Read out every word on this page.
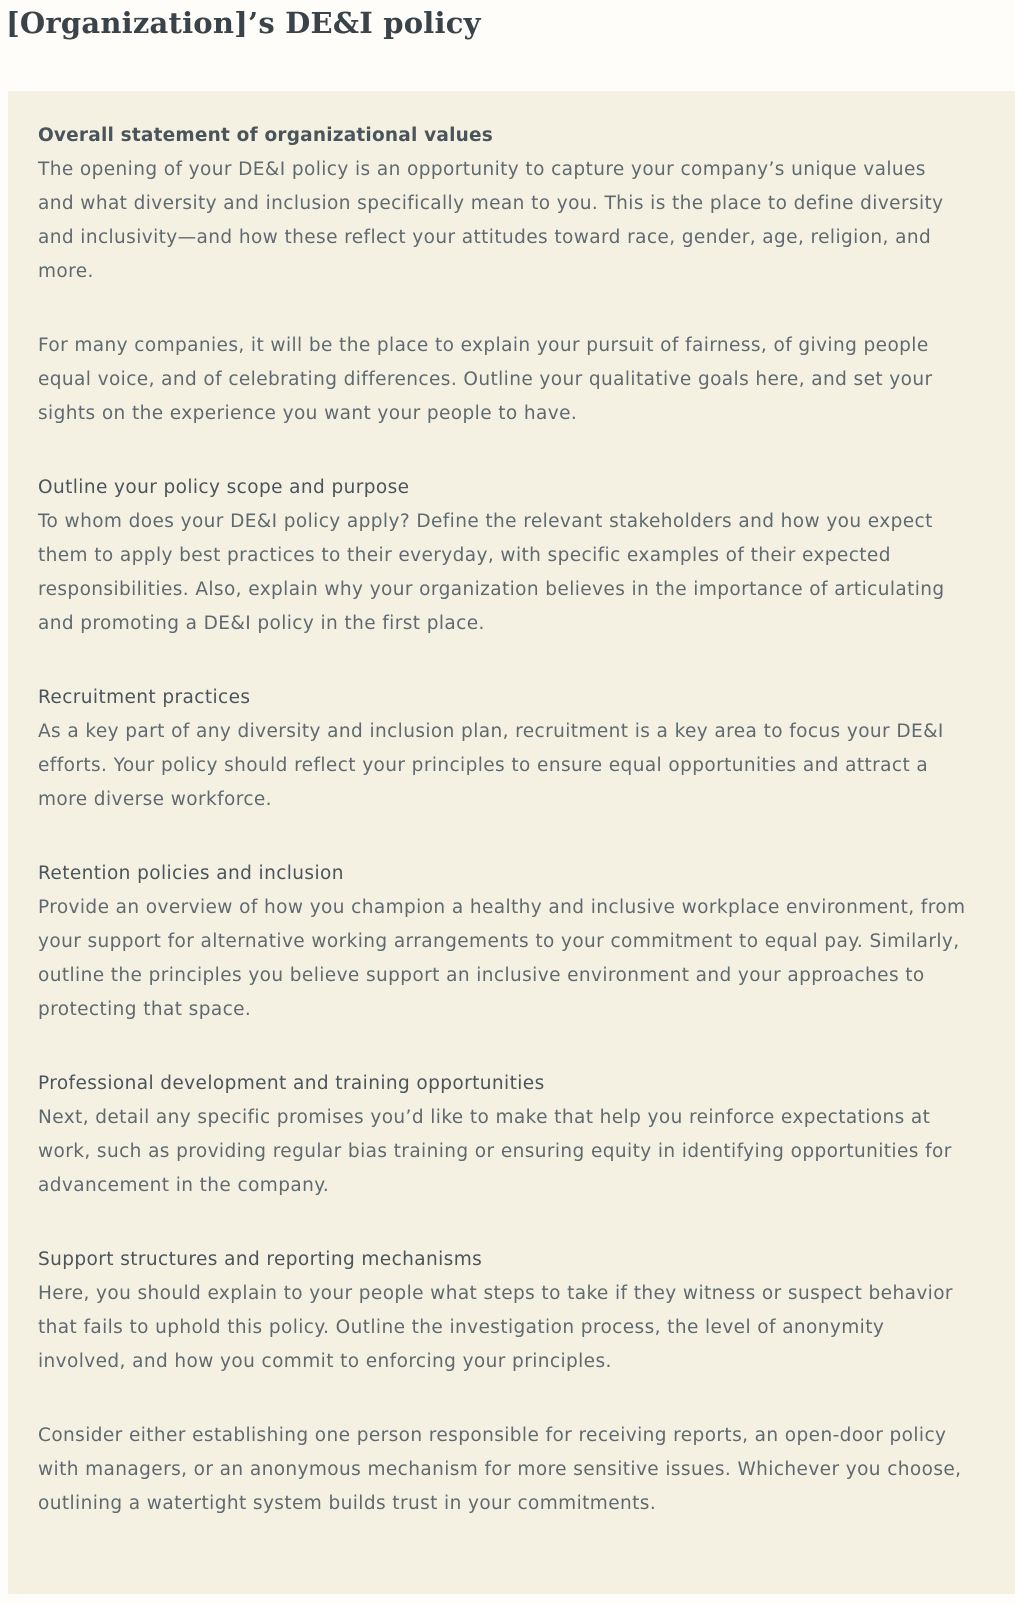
[Organization]’s DE&I policy
Overall statement of organizational values

The opening of your DE&I policy is an opportunity to capture your company’s unique values and what diversity and inclusion specifically mean to you. This is the place to define diversity and inclusivity—and how these reflect your attitudes toward race, gender, age, religion, and more.

For many companies, it will be the place to explain your pursuit of fairness, of giving people equal voice, and of celebrating differences. Outline your qualitative goals here, and set your sights on the experience you want your people to have.

Outline your policy scope and purpose

To whom does your DE&I policy apply? Define the relevant stakeholders and how you expect them to apply best practices to their everyday, with specific examples of their expected responsibilities. Also, explain why your organization believes in the importance of articulating and promoting a DE&I policy in the first place.

Recruitment practices

As a key part of any diversity and inclusion plan, recruitment is a key area to focus your DE&I efforts. Your policy should reflect your principles to ensure equal opportunities and attract a more diverse workforce.

Retention policies and inclusion

Provide an overview of how you champion a healthy and inclusive workplace environment, from your support for alternative working arrangements to your commitment to equal pay. Similarly, outline the principles you believe support an inclusive environment and your approaches to protecting that space.

Professional development and training opportunities

Next, detail any specific promises you’d like to make that help you reinforce expectations at work, such as providing regular bias training or ensuring equity in identifying opportunities for advancement in the company.

Support structures and reporting mechanisms

Here, you should explain to your people what steps to take if they witness or suspect behavior that fails to uphold this policy. Outline the investigation process, the level of anonymity involved, and how you commit to enforcing your principles.

Consider either establishing one person responsible for receiving reports, an open-door policy with managers, or an anonymous mechanism for more sensitive issues. Whichever you choose, outlining a watertight system builds trust in your commitments.
